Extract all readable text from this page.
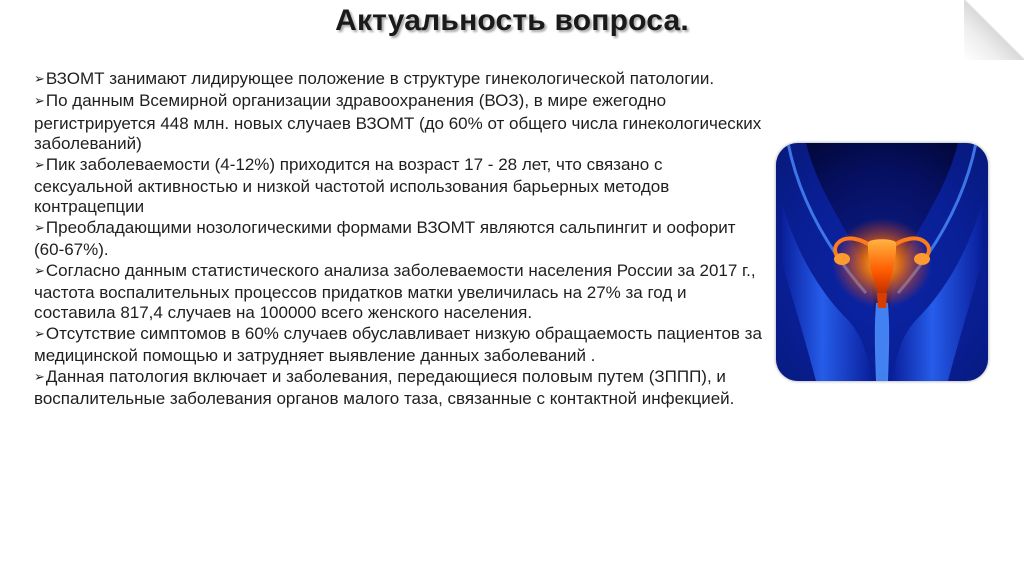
Актуальность вопроса.
➢ВЗОМТ занимают лидирующее положение в структуре гинекологической патологии.
➢По данным Всемирной организации здравоохранения (ВОЗ), в мире ежегодно регистрируется 448 млн. новых случаев ВЗОМТ (до 60% от общего числа гинекологических заболеваний)
➢Пик заболеваемости (4-12%) приходится на возраст 17 - 28 лет, что связано с сексуальной активностью и низкой частотой использования барьерных методов контрацепции
➢Преобладающими нозологическими формами ВЗОМТ являются сальпингит и оофорит (60-67%).
➢Согласно данным статистического анализа заболеваемости населения России за 2017 г., частота воспалительных процессов придатков матки увеличилась на 27% за год и составила 817,4 случаев на 100000 всего женского населения.
➢Отсутствие симптомов в 60% случаев обуславливает низкую обращаемость пациентов за медицинской помощью и затрудняет выявление данных заболеваний .
➢Данная патология включает и заболевания, передающиеся половым путем (ЗППП), и воспалительные заболевания органов малого таза, связанные с контактной инфекцией.
